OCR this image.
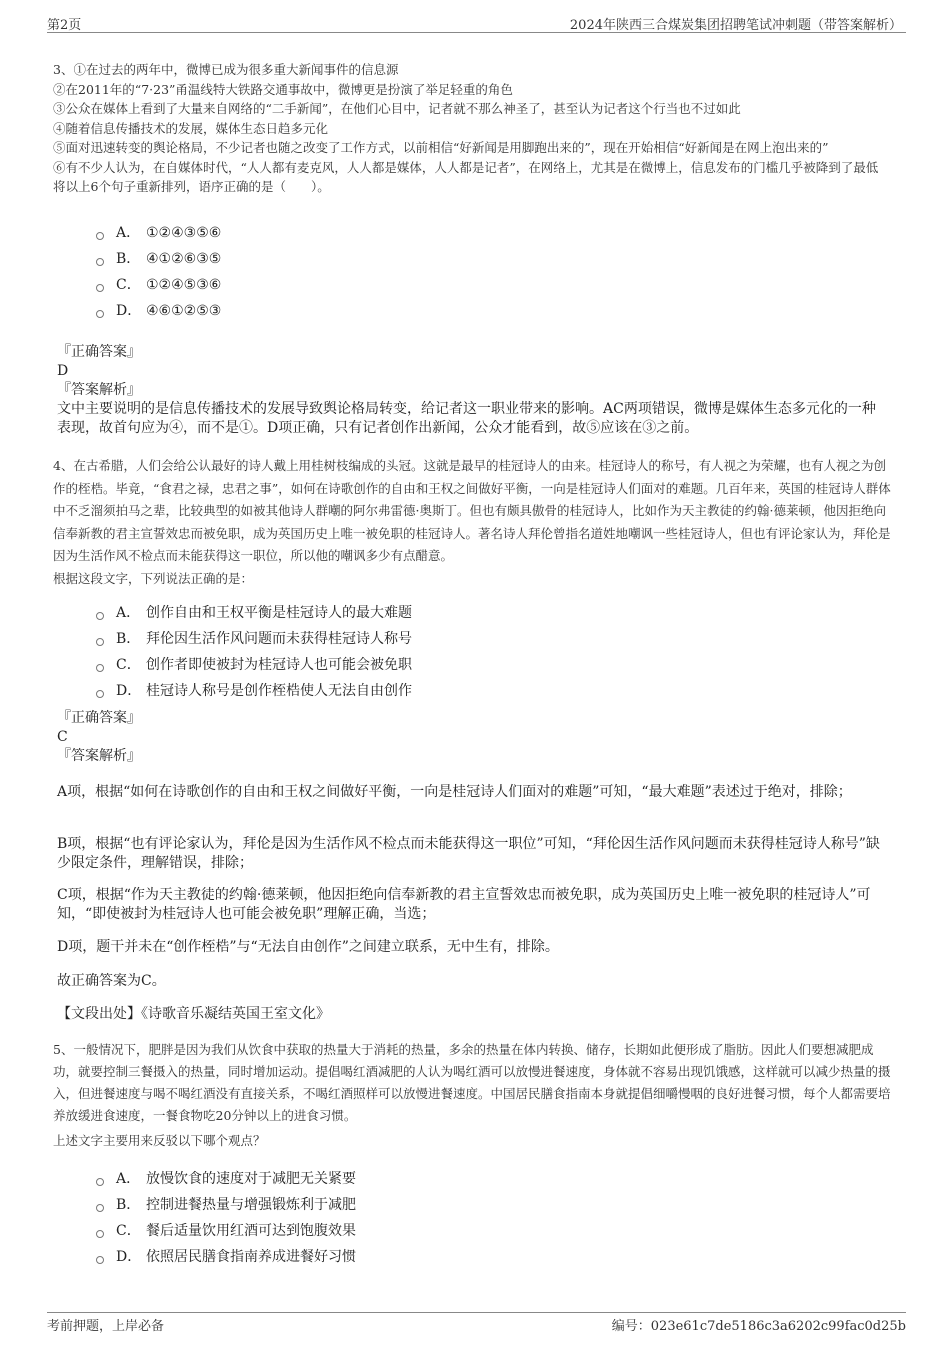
第2页	2024年陕西三合煤炭集团招聘笔试冲刺题（带答案解析）

3、①在过去的两年中，微博已成为很多重大新闻事件的信息源

②在2011年的“7·23”甬温线特大铁路交通事故中，微博更是扮演了举足轻重的角色

③公众在媒体上看到了大量来自网络的“二手新闻”，在他们心目中，记者就不那么神圣了，甚至认为记者这个行当也不过如此

④随着信息传播技术的发展，媒体生态日趋多元化

⑤面对迅速转变的舆论格局，不少记者也随之改变了工作方式，以前相信“好新闻是用脚跑出来的”，现在开始相信“好新闻是在网上泡出来的”

⑥有不少人认为，在自媒体时代，“人人都有麦克风，人人都是媒体，人人都是记者”，在网络上，尤其是在微博上，信息发布的门槛几乎被降到了最低

将以上6个句子重新排列，语序正确的是（　　）。

A． ①②④③⑤⑥
B． ④①②⑥③⑤
C． ①②④⑤③⑥
D． ④⑥①②⑤③

『正确答案』

D

『答案解析』

文中主要说明的是信息传播技术的发展导致舆论格局转变，给记者这一职业带来的影响。AC两项错误，微博是媒体生态多元化的一种表现，故首句应为④，而不是①。D项正确，只有记者创作出新闻，公众才能看到，故⑤应该在③之前。

4、在古希腊，人们会给公认最好的诗人戴上用桂树枝编成的头冠。这就是最早的桂冠诗人的由来。桂冠诗人的称号，有人视之为荣耀，也有人视之为创作的桎梏。毕竟，“食君之禄，忠君之事”，如何在诗歌创作的自由和王权之间做好平衡，一向是桂冠诗人们面对的难题。几百年来，英国的桂冠诗人群体中不乏溜须拍马之辈，比较典型的如被其他诗人群嘲的阿尔弗雷德·奥斯丁。但也有颇具傲骨的桂冠诗人，比如作为天主教徒的约翰·德莱顿，他因拒绝向信奉新教的君主宣誓效忠而被免职，成为英国历史上唯一被免职的桂冠诗人。著名诗人拜伦曾指名道姓地嘲讽一些桂冠诗人，但也有评论家认为，拜伦是因为生活作风不检点而未能获得这一职位，所以他的嘲讽多少有点醋意。

根据这段文字，下列说法正确的是：

A． 创作自由和王权平衡是桂冠诗人的最大难题
B． 拜伦因生活作风问题而未获得桂冠诗人称号
C． 创作者即使被封为桂冠诗人也可能会被免职
D． 桂冠诗人称号是创作桎梏使人无法自由创作

『正确答案』

C

『答案解析』

A项，根据“如何在诗歌创作的自由和王权之间做好平衡，一向是桂冠诗人们面对的难题”可知，“最大难题”表述过于绝对，排除；

B项，根据“也有评论家认为，拜伦是因为生活作风不检点而未能获得这一职位”可知，“拜伦因生活作风问题而未获得桂冠诗人称号”缺少限定条件，理解错误，排除；

C项，根据“作为天主教徒的约翰·德莱顿，他因拒绝向信奉新教的君主宣誓效忠而被免职，成为英国历史上唯一被免职的桂冠诗人”可知，“即使被封为桂冠诗人也可能会被免职”理解正确，当选；

D项，题干并未在“创作桎梏”与“无法自由创作”之间建立联系，无中生有，排除。

故正确答案为C。

【文段出处】《诗歌音乐凝结英国王室文化》

5、一般情况下，肥胖是因为我们从饮食中获取的热量大于消耗的热量，多余的热量在体内转换、储存，长期如此便形成了脂肪。因此人们要想减肥成功，就要控制三餐摄入的热量，同时增加运动。提倡喝红酒减肥的人认为喝红酒可以放慢进餐速度，身体就不容易出现饥饿感，这样就可以减少热量的摄入，但进餐速度与喝不喝红酒没有直接关系，不喝红酒照样可以放慢进餐速度。中国居民膳食指南本身就提倡细嚼慢咽的良好进餐习惯，每个人都需要培养放缓进食速度，一餐食物吃20分钟以上的进食习惯。

上述文字主要用来反驳以下哪个观点？

A． 放慢饮食的速度对于减肥无关紧要
B． 控制进餐热量与增强锻炼利于减肥
C． 餐后适量饮用红酒可达到饱腹效果
D． 依照居民膳食指南养成进餐好习惯
考前押题，上岸必备	编号：023e61c7de5186c3a6202c99fac0d25b
